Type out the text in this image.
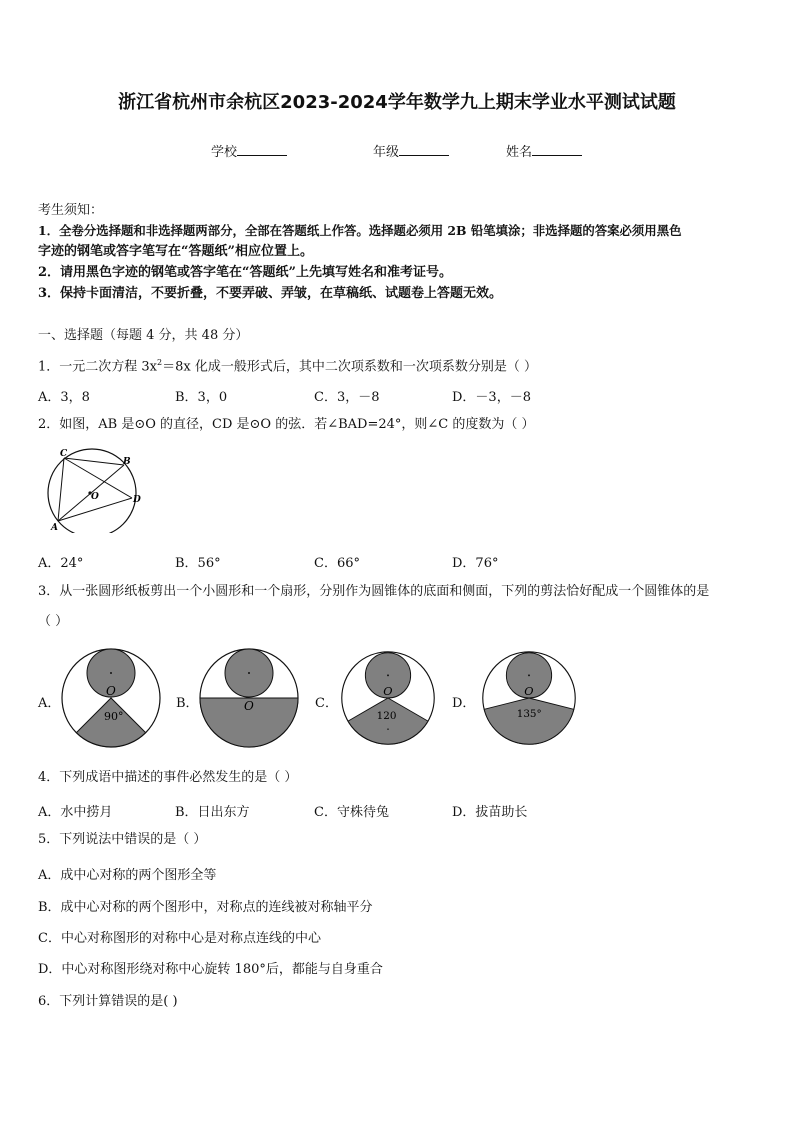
浙江省杭州市余杭区2023-2024学年数学九上期末学业水平测试试题
学校	年级	姓名
考生须知：
1．全卷分选择题和非选择题两部分，全部在答题纸上作答。选择题必须用 2B 铅笔填涂；非选择题的答案必须用黑色
字迹的钢笔或答字笔写在“答题纸”相应位置上。
2．请用黑色字迹的钢笔或答字笔在“答题纸”上先填写姓名和准考证号。
3．保持卡面清洁，不要折叠，不要弄破、弄皱，在草稿纸、试题卷上答题无效。
一、选择题（每题 4 分，共 48 分）
1．一元二次方程 $3x^2=8x$ 化成一般形式后，其中二次项系数和一次项系数分别是（ ）
A．3，8	B．3，0	C．3，－8	D．－3，－8
2．如图，AB 是⊙O 的直径，CD 是⊙O 的弦．若∠BAD=24°，则∠C 的度数为（ ）
C
B
O	D
A
A．24°	B．56°	C．66°	D．76°
3．从一张圆形纸板剪出一个小圆形和一个扇形，分别作为圆锥体的底面和侧面，下列的剪法恰好配成一个圆锥体的是
（ ）
A．
O
90°
B．	O	C．
O
120
D．
O
135°
4．下列成语中描述的事件必然发生的是（ ）
A．水中捞月	B．日出东方	C．守株待兔	D．拔苗助长
5．下列说法中错误的是（ ）
A．成中心对称的两个图形全等
B．成中心对称的两个图形中，对称点的连线被对称轴平分
C．中心对称图形的对称中心是对称点连线的中心
D．中心对称图形绕对称中心旋转 180°后，都能与自身重合
6．下列计算错误的是( )
